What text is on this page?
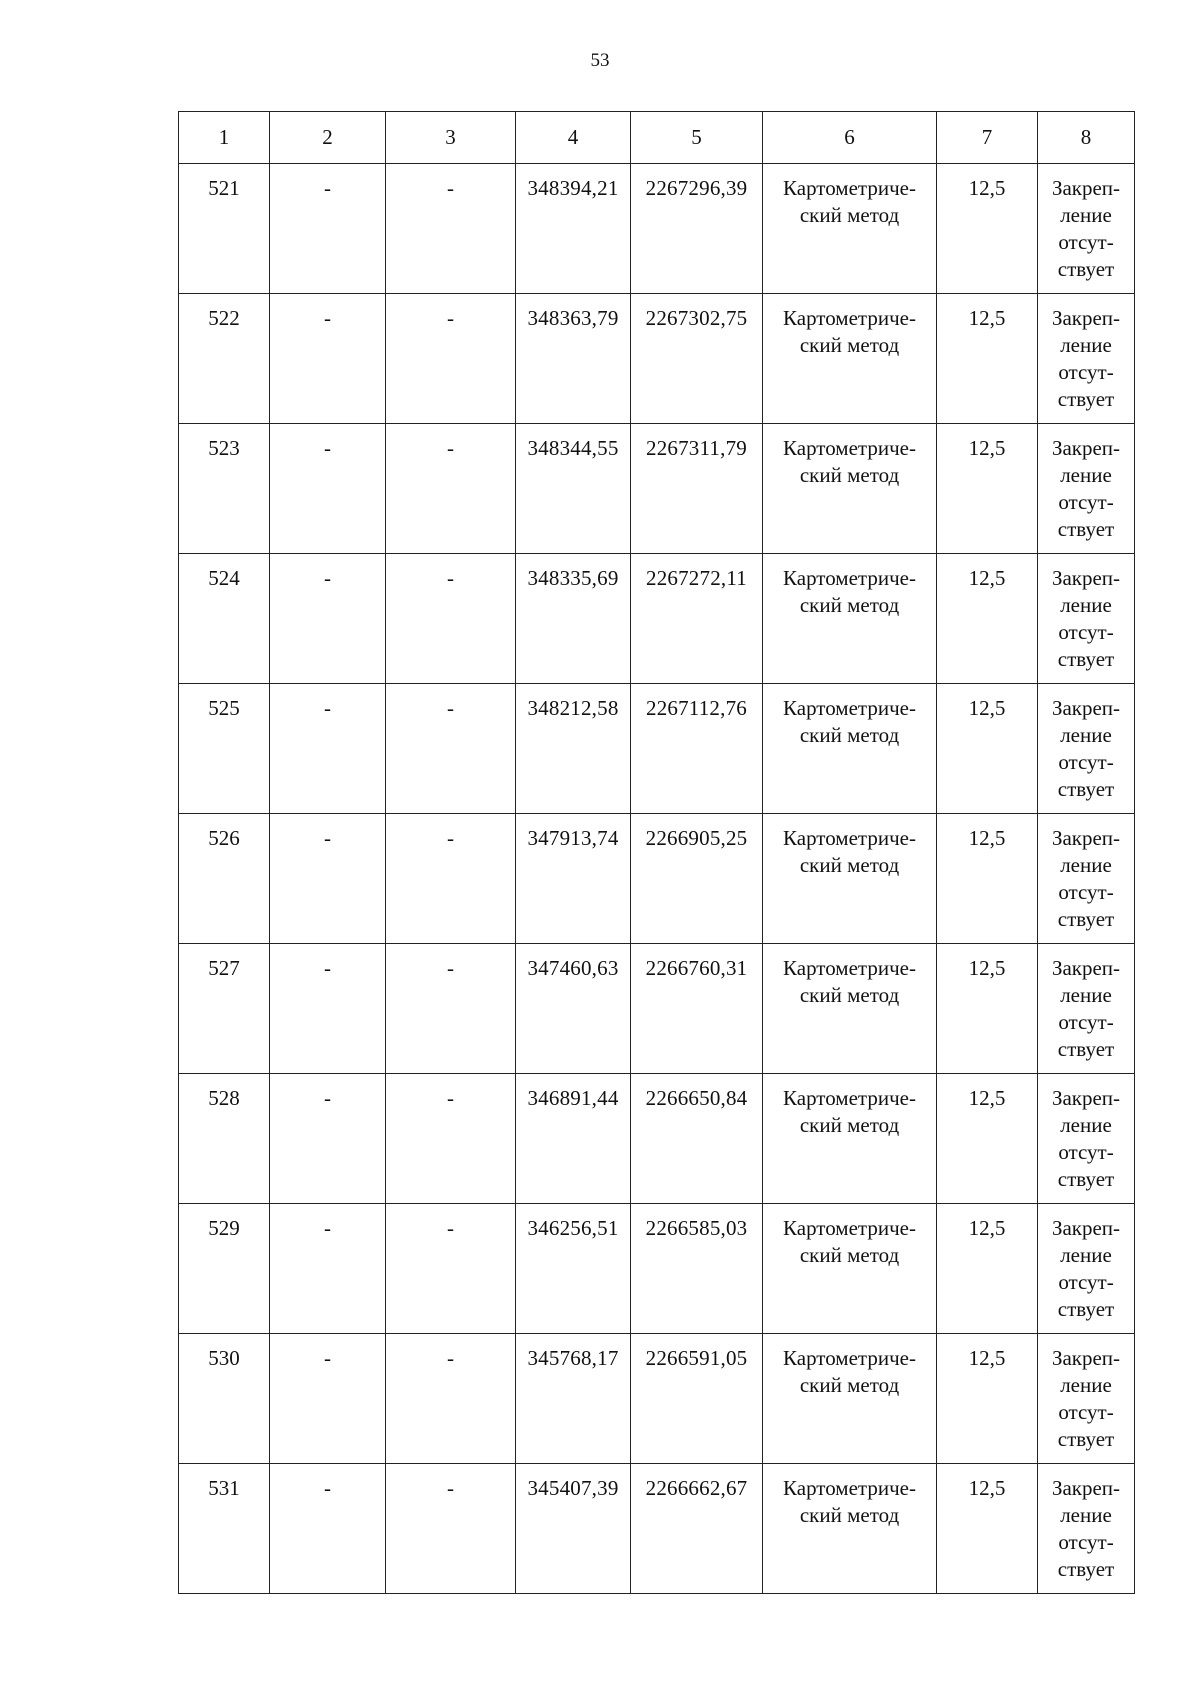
53
1	2	3	4	5	6	7	8
521	-	-	348394,21	2267296,39	Картометриче-
ский метод	12,5	Закреп-
ление
отсут-
ствует

522	-	-	348363,79	2267302,75	Картометриче-
ский метод	12,5	Закреп-
ление
отсут-
ствует

523	-	-	348344,55	2267311,79	Картометриче-
ский метод	12,5	Закреп-
ление
отсут-
ствует

524	-	-	348335,69	2267272,11	Картометриче-
ский метод	12,5	Закреп-
ление
отсут-
ствует

525	-	-	348212,58	2267112,76	Картометриче-
ский метод	12,5	Закреп-
ление
отсут-
ствует

526	-	-	347913,74	2266905,25	Картометриче-
ский метод	12,5	Закреп-
ление
отсут-
ствует

527	-	-	347460,63	2266760,31	Картометриче-
ский метод	12,5	Закреп-
ление
отсут-
ствует

528	-	-	346891,44	2266650,84	Картометриче-
ский метод	12,5	Закреп-
ление
отсут-
ствует

529	-	-	346256,51	2266585,03	Картометриче-
ский метод	12,5	Закреп-
ление
отсут-
ствует

530	-	-	345768,17	2266591,05	Картометриче-
ский метод	12,5	Закреп-
ление
отсут-
ствует

531	-	-	345407,39	2266662,67	Картометриче-
ский метод	12,5	Закреп-
ление
отсут-
ствует
